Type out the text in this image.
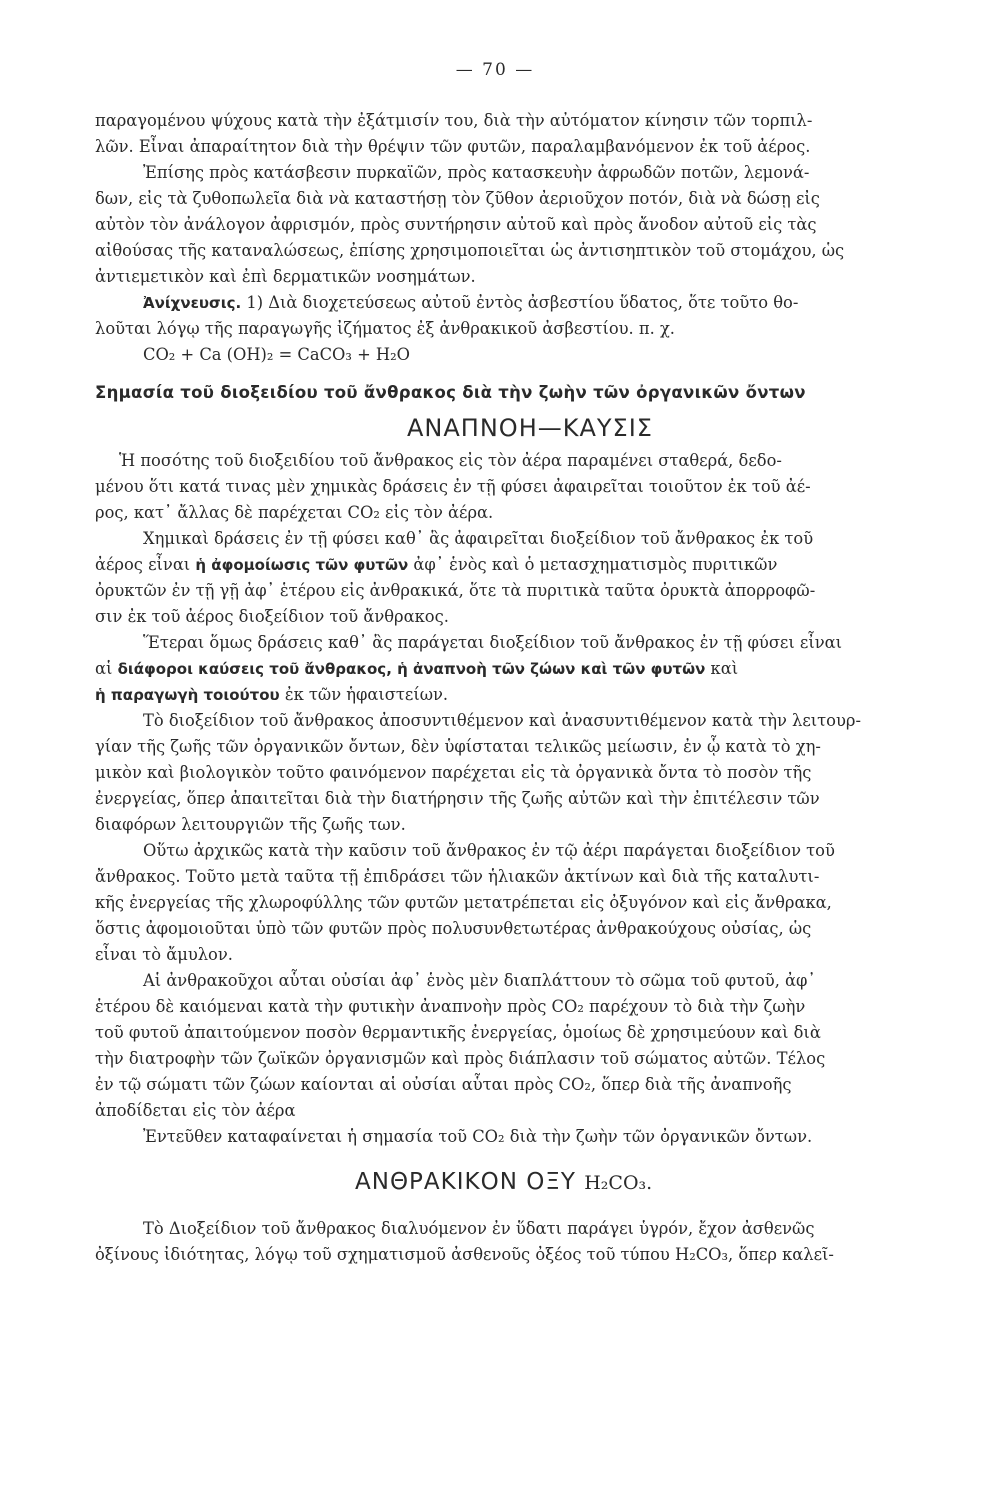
— 70 —
παραγομένου ψύχους κατὰ τὴν ἐξάτμισίν του, διὰ τὴν αὐτόματον κίνησιν τῶν τορπιλ-
λῶν. Εἶναι ἀπαραίτητον διὰ τὴν θρέψιν τῶν φυτῶν, παραλαμβανόμενον ἐκ τοῦ ἀέρος.
Ἐπίσης πρὸς κατάσβεσιν πυρκαϊῶν, πρὸς κατασκευὴν ἀφρωδῶν ποτῶν, λεμονά-
δων, εἰς τὰ ζυθοπωλεῖα διὰ νὰ καταστήσῃ τὸν ζῦθον ἀεριοῦχον ποτόν, διὰ νὰ δώσῃ εἰς
αὐτὸν τὸν ἀνάλογον ἀφρισμόν, πρὸς συντήρησιν αὐτοῦ καὶ πρὸς ἄνοδον αὐτοῦ εἰς τὰς
αἰθούσας τῆς καταναλώσεως, ἐπίσης χρησιμοποιεῖται ὡς ἀντισηπτικὸν τοῦ στομάχου, ὡς
ἀντιεμετικὸν καὶ ἐπὶ δερματικῶν νοσημάτων.
Ἀνίχνευσις. 1) Διὰ διοχετεύσεως αὐτοῦ ἐντὸς ἀσβεστίου ὕδατος, ὅτε τοῦτο θο-
λοῦται λόγῳ τῆς παραγωγῆς ἰζήματος ἐξ ἀνθρακικοῦ ἀσβεστίου. π. χ.
CO₂ + Ca (OH)₂ = CaCO₃ + H₂O
Σημασία τοῦ διοξειδίου τοῦ ἄνθρακος διὰ τὴν ζωὴν τῶν ὀργανικῶν ὄντων
ΑΝΑΠΝΟΗ—ΚΑΥΣΙΣ
Ἡ ποσότης τοῦ διοξειδίου τοῦ ἄνθρακος εἰς τὸν ἀέρα παραμένει σταθερά, δεδο-
μένου ὅτι κατά τινας μὲν χημικὰς δράσεις ἐν τῇ φύσει ἀφαιρεῖται τοιοῦτον ἐκ τοῦ ἀέ-
ρος, κατ᾽ ἄλλας δὲ παρέχεται CO₂ εἰς τὸν ἀέρα.
Χημικαὶ δράσεις ἐν τῇ φύσει καθ᾽ ἃς ἀφαιρεῖται διοξείδιον τοῦ ἄνθρακος ἐκ τοῦ
ἀέρος εἶναι ἡ ἀφομοίωσις τῶν φυτῶν ἀφ᾽ ἑνὸς καὶ ὁ μετασχηματισμὸς πυριτικῶν
ὀρυκτῶν ἐν τῇ γῇ ἀφ᾽ ἑτέρου εἰς ἀνθρακικά, ὅτε τὰ πυριτικὰ ταῦτα ὀρυκτὰ ἀπορροφῶ-
σιν ἐκ τοῦ ἀέρος διοξείδιον τοῦ ἄνθρακος.
Ἕτεραι ὅμως δράσεις καθ᾽ ἃς παράγεται διοξείδιον τοῦ ἄνθρακος ἐν τῇ φύσει εἶναι
αἱ διάφοροι καύσεις τοῦ ἄνθρακος, ἡ ἀναπνοὴ τῶν ζώων καὶ τῶν φυτῶν καὶ
ἡ παραγωγὴ τοιούτου ἐκ τῶν ἡφαιστείων.
Τὸ διοξείδιον τοῦ ἄνθρακος ἀποσυντιθέμενον καὶ ἀνασυντιθέμενον κατὰ τὴν λειτουρ-
γίαν τῆς ζωῆς τῶν ὀργανικῶν ὄντων, δὲν ὑφίσταται τελικῶς μείωσιν, ἐν ᾧ κατὰ τὸ χη-
μικὸν καὶ βιολογικὸν τοῦτο φαινόμενον παρέχεται εἰς τὰ ὀργανικὰ ὄντα τὸ ποσὸν τῆς
ἐνεργείας, ὅπερ ἀπαιτεῖται διὰ τὴν διατήρησιν τῆς ζωῆς αὐτῶν καὶ τὴν ἐπιτέλεσιν τῶν
διαφόρων λειτουργιῶν τῆς ζωῆς των.
Οὕτω ἀρχικῶς κατὰ τὴν καῦσιν τοῦ ἄνθρακος ἐν τῷ ἀέρι παράγεται διοξείδιον τοῦ
ἄνθρακος. Τοῦτο μετὰ ταῦτα τῇ ἐπιδράσει τῶν ἡλιακῶν ἀκτίνων καὶ διὰ τῆς καταλυτι-
κῆς ἐνεργείας τῆς χλωροφύλλης τῶν φυτῶν μετατρέπεται εἰς ὀξυγόνον καὶ εἰς ἄνθρακα,
ὅστις ἀφομοιοῦται ὑπὸ τῶν φυτῶν πρὸς πολυσυνθετωτέρας ἀνθρακούχους οὐσίας, ὡς
εἶναι τὸ ἄμυλον.
Αἱ ἀνθρακοῦχοι αὗται οὐσίαι ἀφ᾽ ἑνὸς μὲν διαπλάττουν τὸ σῶμα τοῦ φυτοῦ, ἀφ᾽
ἑτέρου δὲ καιόμεναι κατὰ τὴν φυτικὴν ἀναπνοὴν πρὸς CO₂ παρέχουν τὸ διὰ τὴν ζωὴν
τοῦ φυτοῦ ἀπαιτούμενον ποσὸν θερμαντικῆς ἐνεργείας, ὁμοίως δὲ χρησιμεύουν καὶ διὰ
τὴν διατροφὴν τῶν ζωϊκῶν ὀργανισμῶν καὶ πρὸς διάπλασιν τοῦ σώματος αὐτῶν. Τέλος
ἐν τῷ σώματι τῶν ζώων καίονται αἱ οὐσίαι αὗται πρὸς CO₂, ὅπερ διὰ τῆς ἀναπνοῆς
ἀποδίδεται εἰς τὸν ἀέρα
Ἐντεῦθεν καταφαίνεται ἡ σημασία τοῦ CO₂ διὰ τὴν ζωὴν τῶν ὀργανικῶν ὄντων.
ΑΝΘΡΑΚΙΚΟΝ ΟΞΥ H₂CO₃.
Τὸ Διοξείδιον τοῦ ἄνθρακος διαλυόμενον ἐν ὕδατι παράγει ὑγρόν, ἔχον ἀσθενῶς
ὀξίνους ἰδιότητας, λόγῳ τοῦ σχηματισμοῦ ἀσθενοῦς ὀξέος τοῦ τύπου H₂CO₃, ὅπερ καλεῖ-
